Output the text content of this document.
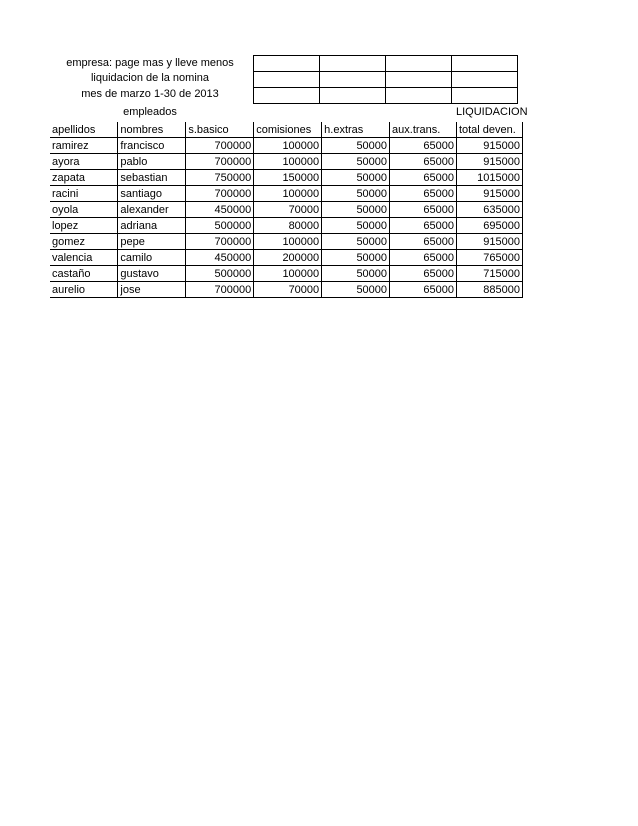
empresa: page mas y lleve menos
liquidacion de la nomina
mes de marzo 1-30 de 2013
empleados

				LIQUIDACION
apellidos	nombres	s.basico	comisiones	h.extras	aux.trans.	total deven.
ramirez	francisco	700000	100000	50000	65000	915000
ayora	pablo	700000	100000	50000	65000	915000
zapata	sebastian	750000	150000	50000	65000	1015000
racini	santiago	700000	100000	50000	65000	915000
oyola	alexander	450000	70000	50000	65000	635000
lopez	adriana	500000	80000	50000	65000	695000
gomez	pepe	700000	100000	50000	65000	915000
valencia	camilo	450000	200000	50000	65000	765000
castaño	gustavo	500000	100000	50000	65000	715000
aurelio	jose	700000	70000	50000	65000	885000
